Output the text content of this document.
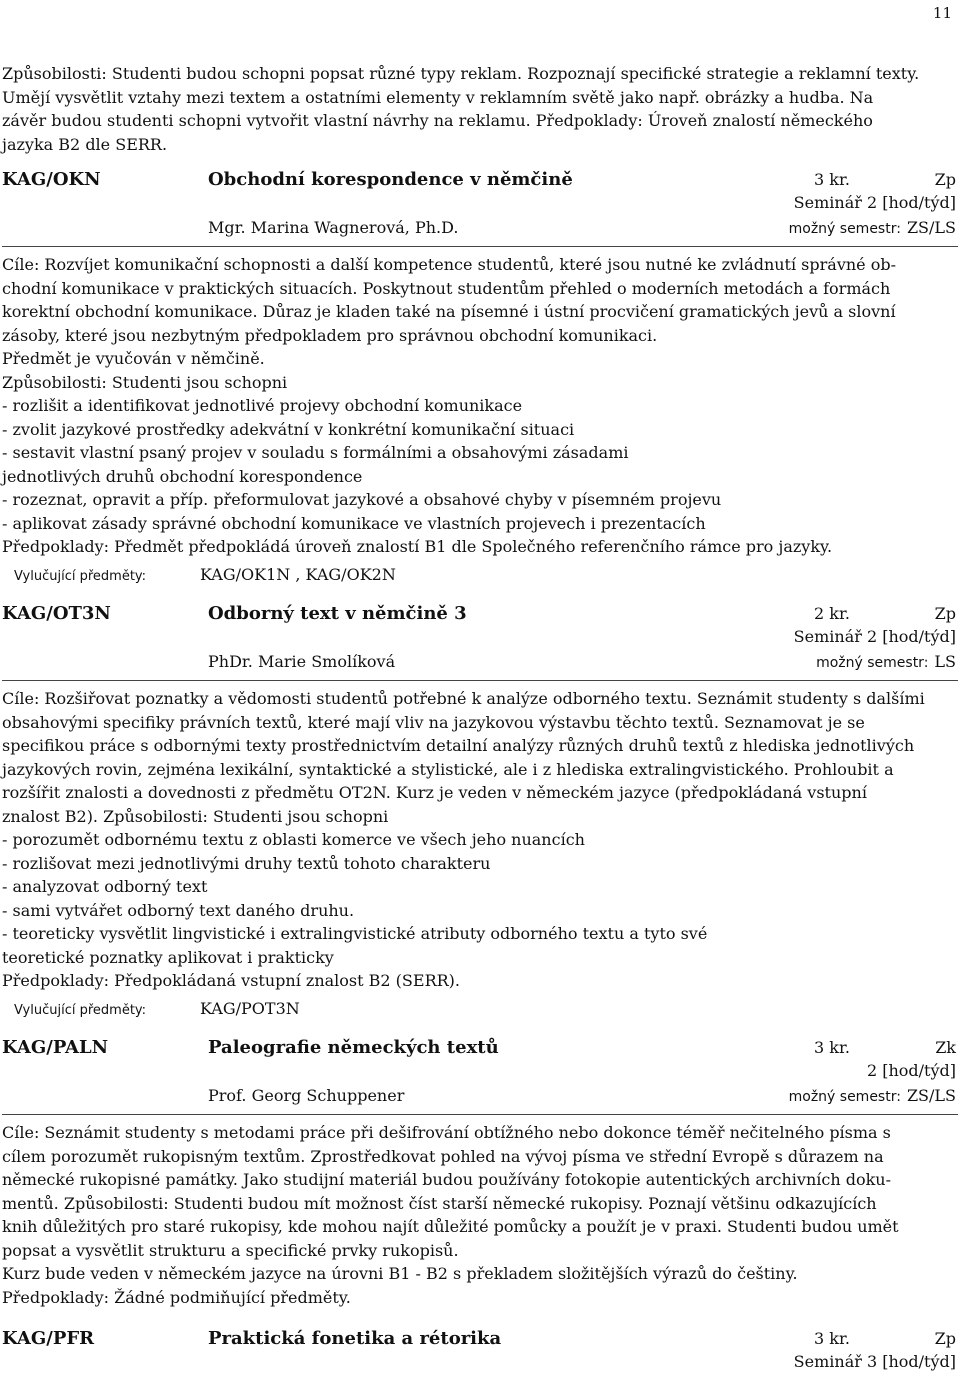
11
Způsobilosti: Studenti budou schopni popsat různé typy reklam. Rozpoznají specifické strategie a reklamní texty.
Umějí vysvětlit vztahy mezi textem a ostatními elementy v reklamním světě jako např. obrázky a hudba. Na
závěr budou studenti schopni vytvořit vlastní návrhy na reklamu. Předpoklady: Úroveň znalostí německého
jazyka B2 dle SERR.
KAG/OKN	Obchodní korespondence v němčině	3 kr.	Zp
Seminář 2 [hod/týd]
Mgr. Marina Wagnerová, Ph.D.	možný semestr: ZS/LS
Cíle: Rozvíjet komunikační schopnosti a další kompetence studentů, které jsou nutné ke zvládnutí správné ob-
chodní komunikace v praktických situacích. Poskytnout studentům přehled o moderních metodách a formách
korektní obchodní komunikace. Důraz je kladen také na písemné i ústní procvičení gramatických jevů a slovní
zásoby, které jsou nezbytným předpokladem pro správnou obchodní komunikaci.
Předmět je vyučován v němčině.
Způsobilosti: Studenti jsou schopni
- rozlišit a identifikovat jednotlivé projevy obchodní komunikace
- zvolit jazykové prostředky adekvátní v konkrétní komunikační situaci
- sestavit vlastní psaný projev v souladu s formálními a obsahovými zásadami
jednotlivých druhů obchodní korespondence
- rozeznat, opravit a příp. přeformulovat jazykové a obsahové chyby v písemném projevu
- aplikovat zásady správné obchodní komunikace ve vlastních projevech i prezentacích
Předpoklady: Předmět předpokládá úroveň znalostí B1 dle Společného referenčního rámce pro jazyky.
Vylučující předměty:	KAG/OK1N , KAG/OK2N
KAG/OT3N	Odborný text v němčině 3	2 kr.	Zp
Seminář 2 [hod/týd]
PhDr. Marie Smolíková	možný semestr: LS
Cíle: Rozšiřovat poznatky a vědomosti studentů potřebné k analýze odborného textu. Seznámit studenty s dalšími
obsahovými specifiky právních textů, které mají vliv na jazykovou výstavbu těchto textů. Seznamovat je se
specifikou práce s odbornými texty prostřednictvím detailní analýzy různých druhů textů z hlediska jednotlivých
jazykových rovin, zejména lexikální, syntaktické a stylistické, ale i z hlediska extralingvistického. Prohloubit a
rozšířit znalosti a dovednosti z předmětu OT2N. Kurz je veden v německém jazyce (předpokládaná vstupní
znalost B2). Způsobilosti: Studenti jsou schopni
- porozumět odbornému textu z oblasti komerce ve všech jeho nuancích
- rozlišovat mezi jednotlivými druhy textů tohoto charakteru
- analyzovat odborný text
- sami vytvářet odborný text daného druhu.
- teoreticky vysvětlit lingvistické i extralingvistické atributy odborného textu a tyto své
teoretické poznatky aplikovat i prakticky
Předpoklady: Předpokládaná vstupní znalost B2 (SERR).
Vylučující předměty:	KAG/POT3N
KAG/PALN	Paleografie německých textů	3 kr.	Zk
2 [hod/týd]
Prof. Georg Schuppener	možný semestr: ZS/LS
Cíle: Seznámit studenty s metodami práce při dešifrování obtížného nebo dokonce téměř nečitelného písma s
cílem porozumět rukopisným textům. Zprostředkovat pohled na vývoj písma ve střední Evropě s důrazem na
německé rukopisné památky. Jako studijní materiál budou používány fotokopie autentických archivních doku-
mentů. Způsobilosti: Studenti budou mít možnost číst starší německé rukopisy. Poznají většinu odkazujících
knih důležitých pro staré rukopisy, kde mohou najít důležité pomůcky a použít je v praxi. Studenti budou umět
popsat a vysvětlit strukturu a specifické prvky rukopisů.
Kurz bude veden v německém jazyce na úrovni B1 - B2 s překladem složitějších výrazů do češtiny.
Předpoklady: Žádné podmiňující předměty.
KAG/PFR	Praktická fonetika a rétorika	3 kr.	Zp
Seminář 3 [hod/týd]
